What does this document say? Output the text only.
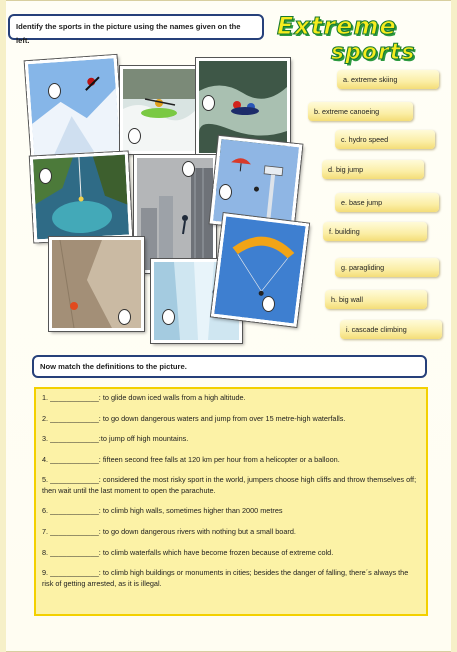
Identify the sports in the picture using the names given on the left.
Extreme
sports
a. extreme skiing
b. extreme canoeing
c. hydro speed
d. big jump
e. base jump
f. building
g. paragliding
h. big wall
i. cascade climbing
Now match the definitions to the picture.
1. ____________: to glide down iced walls from a high altitude.
2. ____________: to go down dangerous waters and jump from over 15 metre-high waterfalls.
3. ____________:to jump off high mountains.
4. ____________: fifteen second free falls at 120 km per hour from a helicopter or a balloon.
5. ____________: considered the most risky sport in the world, jumpers choose high cliffs and throw themselves off; then wait until the last moment to open the parachute.
6. ____________: to climb high walls, sometimes higher than 2000 metres
7. ____________: to go down dangerous rivers with nothing but a small board.
8. ____________: to climb waterfalls which have become frozen because of extreme cold.
9. ____________: to climb high buildings or monuments in cities; besides the danger of falling, there´s always the risk of getting arrested, as it is illegal.
